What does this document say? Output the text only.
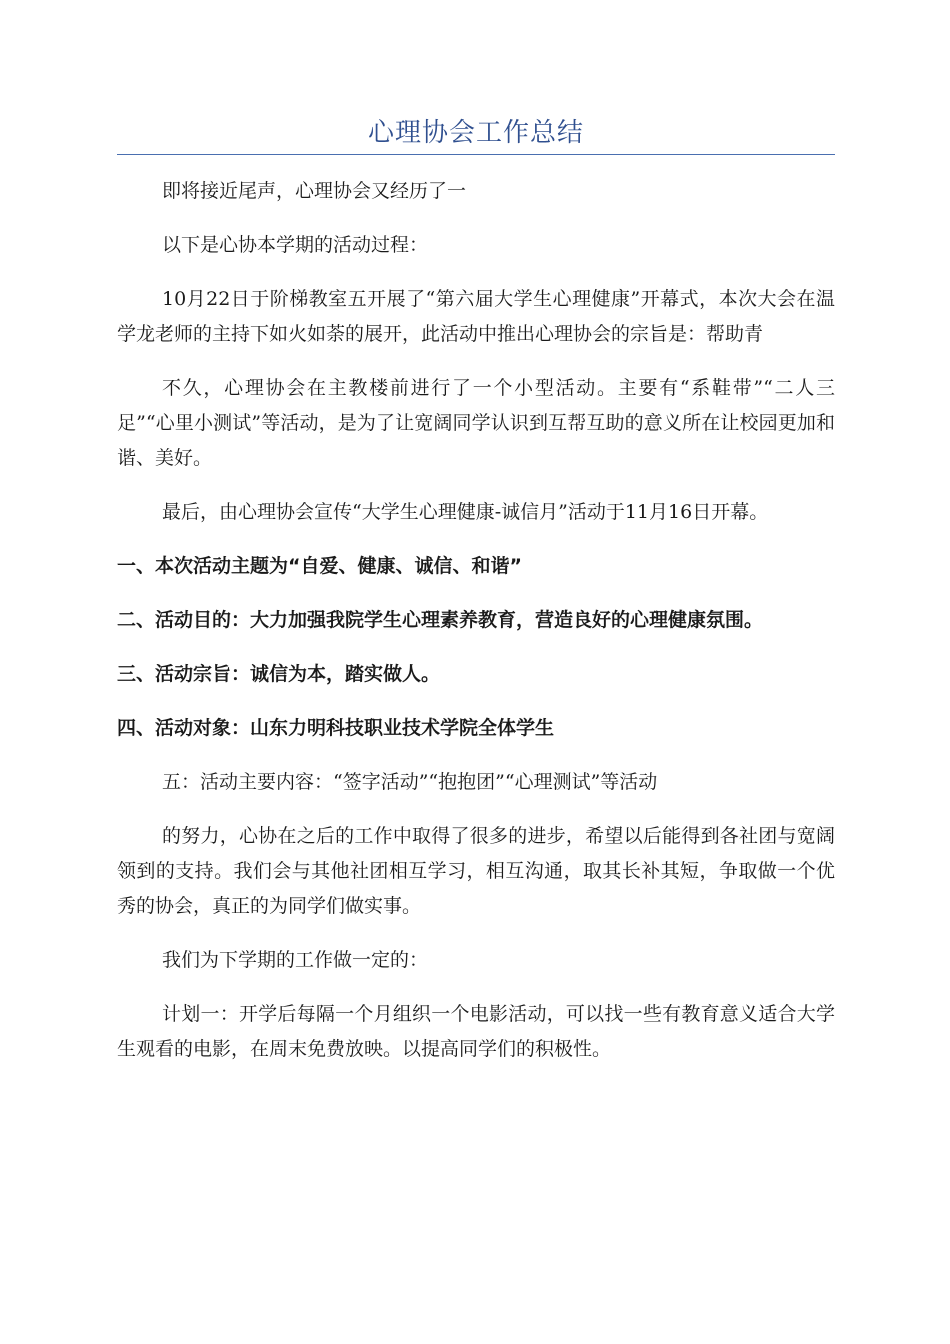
心理协会工作总结

即将接近尾声，心理协会又经历了一

以下是心协本学期的活动过程：

10月22日于阶梯教室五开展了“第六届大学生心理健康”开幕式，本次大会在温学龙老师的主持下如火如荼的展开，此活动中推出心理协会的宗旨是：帮助青

不久，心理协会在主教楼前进行了一个小型活动。主要有“系鞋带”“二人三足”“心里小测试”等活动，是为了让宽阔同学认识到互帮互助的意义所在让校园更加和谐、美好。

最后，由心理协会宣传“大学生心理健康-诚信月”活动于11月16日开幕。

一、本次活动主题为“自爱、健康、诚信、和谐”

二、活动目的：大力加强我院学生心理素养教育，营造良好的心理健康氛围。

三、活动宗旨：诚信为本，踏实做人。

四、活动对象：山东力明科技职业技术学院全体学生

五：活动主要内容：“签字活动”“抱抱团”“心理测试”等活动

的努力，心协在之后的工作中取得了很多的进步，希望以后能得到各社团与宽阔领到的支持。我们会与其他社团相互学习，相互沟通，取其长补其短，争取做一个优秀的协会，真正的为同学们做实事。

我们为下学期的工作做一定的：

计划一：开学后每隔一个月组织一个电影活动，可以找一些有教育意义适合大学生观看的电影，在周末免费放映。以提高同学们的积极性。
